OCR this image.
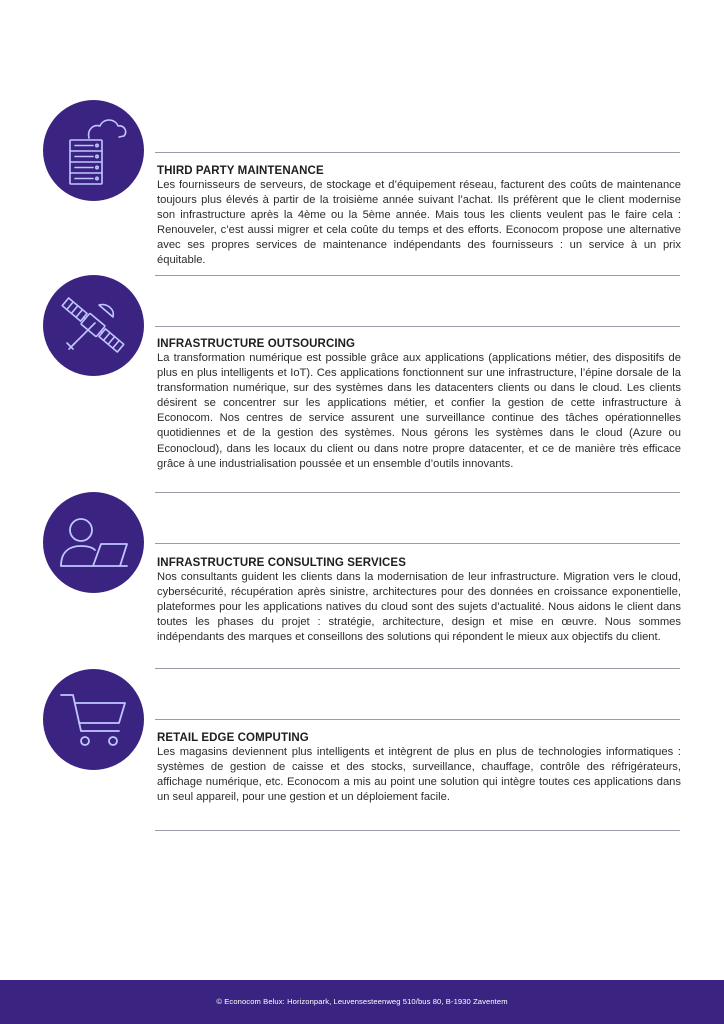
THIRD PARTY MAINTENANCE
Les fournisseurs de serveurs, de stockage et d’équipement réseau, facturent des coûts de maintenance toujours plus élevés à partir de la troisième année suivant l’achat. Ils préfèrent que le client modernise son infrastructure après la 4ème ou la 5ème année. Mais tous les clients veulent pas le faire cela : Renouveler, c’est aussi migrer et cela coûte du temps et des efforts. Econocom propose une alternative avec ses propres services de maintenance indépendants des fournisseurs : un service à un prix équitable.
INFRASTRUCTURE OUTSOURCING
La transformation numérique est possible grâce aux applications (applications métier, des dispositifs de plus en plus intelligents et IoT). Ces applications fonctionnent sur une infrastructure, l’épine dorsale de la transformation numérique, sur des systèmes dans les datacenters clients ou dans le cloud. Les clients désirent se concentrer sur les applications métier, et confier la gestion de cette infrastructure à Econocom. Nos centres de service assurent une surveillance continue des tâches opérationnelles quotidiennes et de la gestion des systèmes. Nous gérons les systèmes dans le cloud (Azure ou Econocloud), dans les locaux du client ou dans notre propre datacenter, et ce de manière très efficace grâce à une industrialisation poussée et un ensemble d’outils innovants.
INFRASTRUCTURE CONSULTING SERVICES
Nos consultants guident les clients dans la modernisation de leur infrastructure. Migration vers le cloud, cybersécurité, récupération après sinistre, architectures pour des données en croissance exponentielle, plateformes pour les applications natives du cloud sont des sujets d’actualité. Nous aidons le client dans toutes les phases du projet : stratégie, architecture, design et mise en œuvre. Nous sommes indépendants des marques et conseillons des solutions qui répondent le mieux aux objectifs du client.
RETAIL EDGE COMPUTING
Les magasins deviennent plus intelligents et intègrent de plus en plus de technologies informatiques : systèmes de gestion de caisse et des stocks, surveillance, chauffage, contrôle des réfrigérateurs, affichage numérique, etc. Econocom a mis au point une solution qui intègre toutes ces applications dans un seul appareil, pour une gestion et un déploiement facile.
© Econocom Belux: Horizonpark, Leuvensesteenweg 510/bus 80, B-1930 Zaventem
